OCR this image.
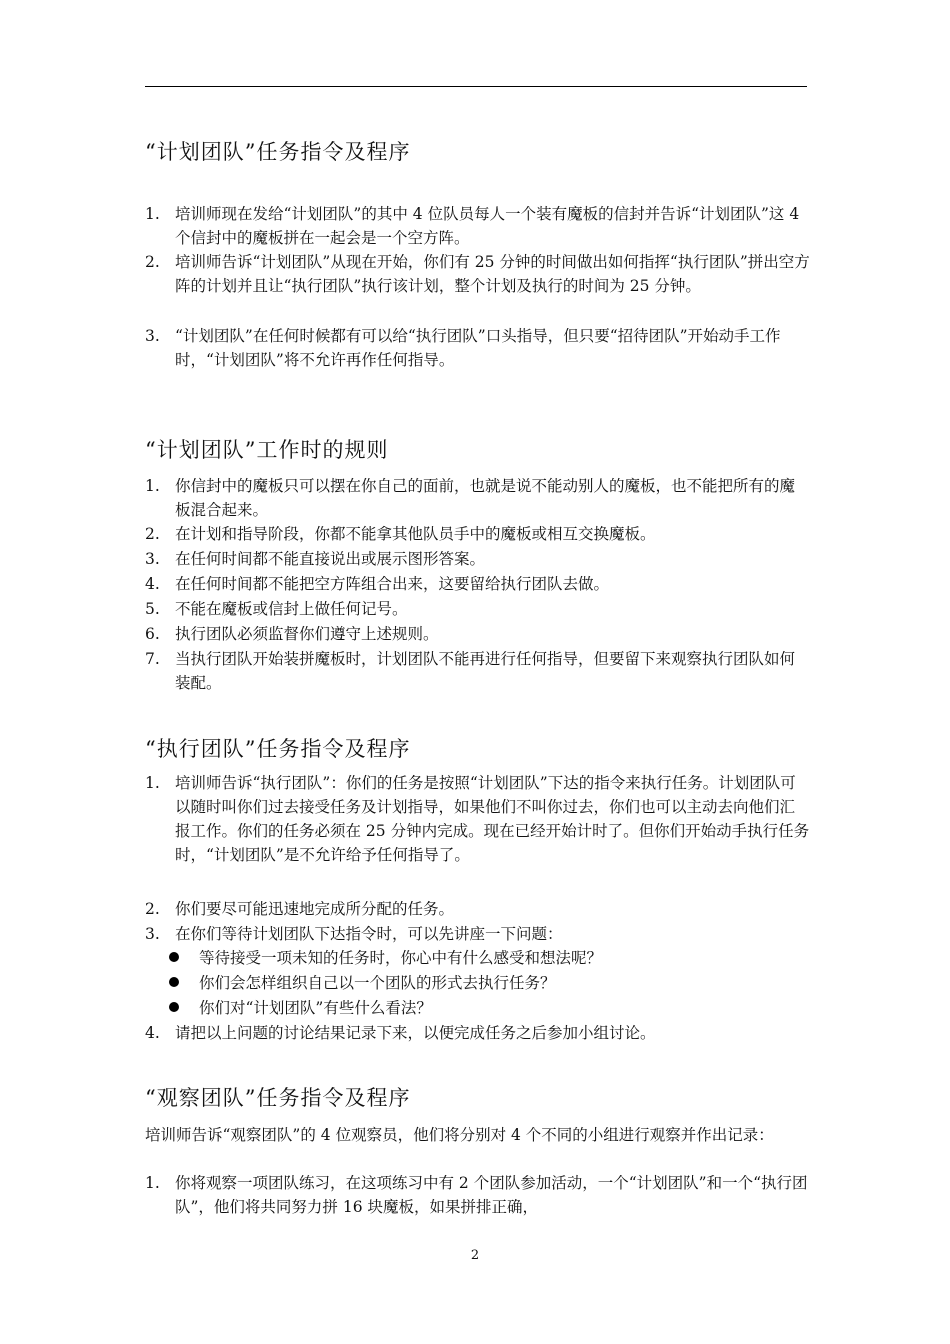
“计划团队”任务指令及程序
1. 培训师现在发给“计划团队”的其中 4 位队员每人一个装有魔板的信封并告诉“计划团队”这 4 个信封中的魔板拼在一起会是一个空方阵。
2. 培训师告诉“计划团队”从现在开始，你们有 25 分钟的时间做出如何指挥“执行团队”拼出空方阵的计划并且让“执行团队”执行该计划，整个计划及执行的时间为 25 分钟。
3. “计划团队”在任何时候都有可以给“执行团队”口头指导，但只要“招待团队”开始动手工作时，“计划团队”将不允许再作任何指导。
“计划团队”工作时的规则
1. 你信封中的魔板只可以摆在你自己的面前，也就是说不能动别人的魔板，也不能把所有的魔板混合起来。
2. 在计划和指导阶段，你都不能拿其他队员手中的魔板或相互交换魔板。
3. 在任何时间都不能直接说出或展示图形答案。
4. 在任何时间都不能把空方阵组合出来，这要留给执行团队去做。
5. 不能在魔板或信封上做任何记号。
6. 执行团队必须监督你们遵守上述规则。
7. 当执行团队开始装拼魔板时，计划团队不能再进行任何指导，但要留下来观察执行团队如何装配。
“执行团队”任务指令及程序
1. 培训师告诉“执行团队”：你们的任务是按照“计划团队”下达的指令来执行任务。计划团队可以随时叫你们过去接受任务及计划指导，如果他们不叫你过去，你们也可以主动去向他们汇报工作。你们的任务必须在 25 分钟内完成。现在已经开始计时了。但你们开始动手执行任务时，“计划团队”是不允许给予任何指导了。
2. 你们要尽可能迅速地完成所分配的任务。
3. 在你们等待计划团队下达指令时，可以先讲座一下问题：
等待接受一项未知的任务时，你心中有什么感受和想法呢？
你们会怎样组织自己以一个团队的形式去执行任务？
你们对“计划团队”有些什么看法？
4. 请把以上问题的讨论结果记录下来，以便完成任务之后参加小组讨论。
“观察团队”任务指令及程序
培训师告诉“观察团队”的 4 位观察员，他们将分别对 4 个不同的小组进行观察并作出记录：
1. 你将观察一项团队练习，在这项练习中有 2 个团队参加活动，一个“计划团队”和一个“执行团队”，他们将共同努力拼 16 块魔板，如果拼排正确，
2
